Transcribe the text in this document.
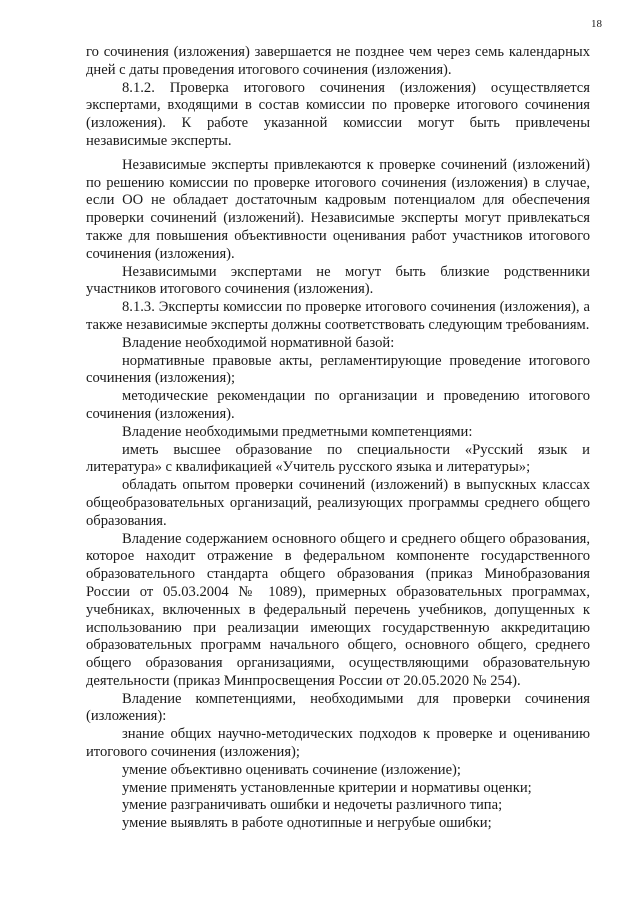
18

го сочинения (изложения) завершается не позднее чем через семь календарных дней с даты проведения итогового сочинения (изложения).

8.1.2. Проверка итогового сочинения (изложения) осуществляется экспертами, входящими в состав комиссии по проверке итогового сочинения (изложения). К работе указанной комиссии могут быть привлечены независимые эксперты.

Независимые эксперты привлекаются к проверке сочинений (изложений) по решению комиссии по проверке итогового сочинения (изложения) в случае, если ОО не обладает достаточным кадровым потенциалом для обеспечения проверки сочинений (изложений). Независимые эксперты могут привлекаться также для повышения объективности оценивания работ участников итогового сочинения (изложения).

Независимыми экспертами не могут быть близкие родственники участников итогового сочинения (изложения).

8.1.3. Эксперты комиссии по проверке итогового сочинения (изложения), а также независимые эксперты должны соответствовать следующим требованиям.

Владение необходимой нормативной базой:

нормативные правовые акты, регламентирующие проведение итогового сочинения (изложения);

методические рекомендации по организации и проведению итогового сочинения (изложения).

Владение необходимыми предметными компетенциями:

иметь высшее образование по специальности «Русский язык и литература» с квалификацией «Учитель русского языка и литературы»;

обладать опытом проверки сочинений (изложений) в выпускных классах общеобразовательных организаций, реализующих программы среднего общего образования.

Владение содержанием основного общего и среднего общего образования, которое находит отражение в федеральном компоненте государственного образовательного стандарта общего образования (приказ Минобразования России от 05.03.2004 № 1089), примерных образовательных программах, учебниках, включенных в федеральный перечень учебников, допущенных к использованию при реализации имеющих государственную аккредитацию образовательных программ начального общего, основного общего, среднего общего образования организациями, осуществляющими образовательную деятельности (приказ Минпросвещения России от 20.05.2020 № 254).

Владение компетенциями, необходимыми для проверки сочинения (изложения):

знание общих научно-методических подходов к проверке и оцениванию итогового сочинения (изложения);

умение объективно оценивать сочинение (изложение);

умение применять установленные критерии и нормативы оценки;

умение разграничивать ошибки и недочеты различного типа;

умение выявлять в работе однотипные и негрубые ошибки;
